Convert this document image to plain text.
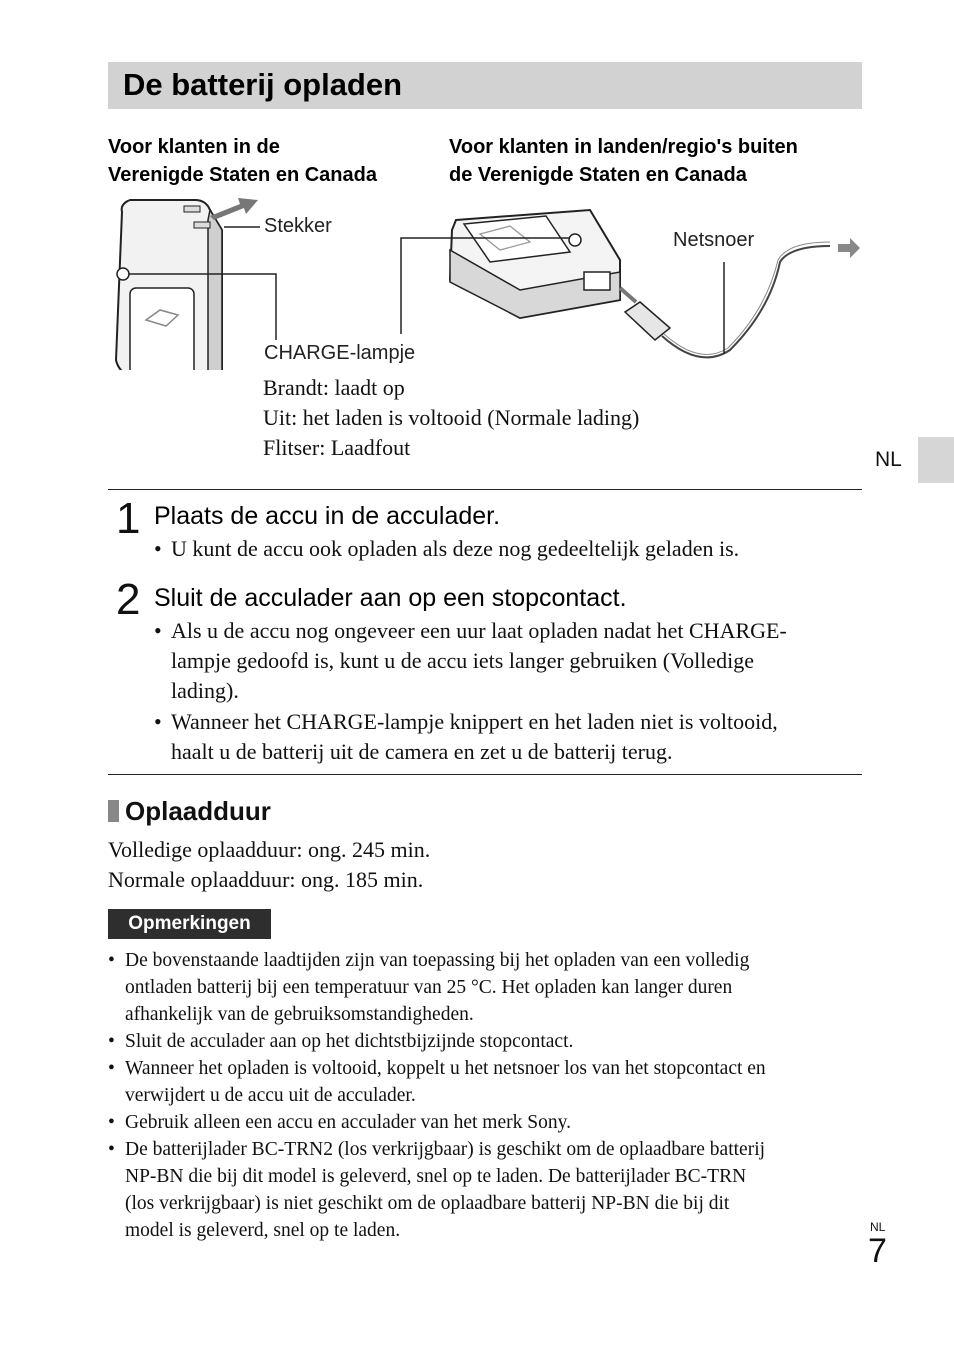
De batterij opladen
Voor klanten in de
Verenigde Staten en Canada
Voor klanten in landen/regio's buiten
de Verenigde Staten en Canada
Stekker
Netsnoer
CHARGE-lampje
Brandt: laadt op
Uit: het laden is voltooid (Normale lading)
Flitser: Laadfout	NL
1 Plaats de accu in de acculader.
• U kunt de accu ook opladen als deze nog gedeeltelijk geladen is.
2 Sluit de acculader aan op een stopcontact.
• Als u de accu nog ongeveer een uur laat opladen nadat het CHARGE-
lampje gedoofd is, kunt u de accu iets langer gebruiken (Volledige
lading).
• Wanneer het CHARGE-lampje knippert en het laden niet is voltooid,
haalt u de batterij uit de camera en zet u de batterij terug.
Oplaadduur
Volledige oplaadduur: ong. 245 min.
Normale oplaadduur: ong. 185 min.
Opmerkingen
• De bovenstaande laadtijden zijn van toepassing bij het opladen van een volledig
ontladen batterij bij een temperatuur van 25 °C. Het opladen kan langer duren
afhankelijk van de gebruiksomstandigheden.
• Sluit de acculader aan op het dichtstbijzijnde stopcontact.
• Wanneer het opladen is voltooid, koppelt u het netsnoer los van het stopcontact en
verwijdert u de accu uit de acculader.
• Gebruik alleen een accu en acculader van het merk Sony.
• De batterijlader BC-TRN2 (los verkrijgbaar) is geschikt om de oplaadbare batterij
NP-BN die bij dit model is geleverd, snel op te laden. De batterijlader BC-TRN
(los verkrijgbaar) is niet geschikt om de oplaadbare batterij NP-BN die bij dit
model is geleverd, snel op te laden.	NL
7
